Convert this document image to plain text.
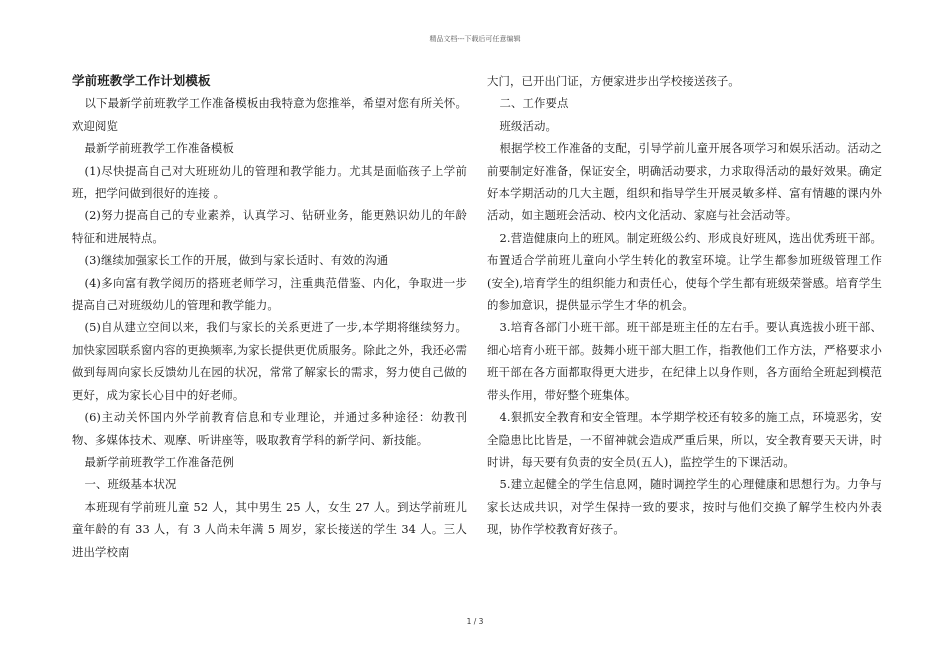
精品文档---下载后可任意编辑

学前班教学工作计划模板

以下最新学前班教学工作准备模板由我特意为您推举，希望对您有所关怀。欢迎阅览

最新学前班教学工作准备模板

(1)尽快提高自己对大班班幼儿的管理和教学能力。尤其是面临孩子上学前班，把学问做到很好的连接 。

(2)努力提高自己的专业素养，认真学习、钻研业务，能更熟识幼儿的年龄特征和进展特点。

(3)继续加强家长工作的开展，做到与家长适时、有效的沟通

(4)多向富有教学阅历的搭班老师学习，注重典范借鉴、内化，争取进一步提高自己对班级幼儿的管理和教学能力。

(5)自从建立空间以来，我们与家长的关系更进了一步,本学期将继续努力。加快家园联系窗内容的更换频率,为家长提供更优质服务。除此之外，我还必需做到每周向家长反馈幼儿在园的状况，常常了解家长的需求，努力使自己做的更好，成为家长心目中的好老师。

(6)主动关怀国内外学前教育信息和专业理论，并通过多种途径：幼教刊物、多媒体技术、观摩、听讲座等，吸取教育学科的新学问、新技能。

最新学前班教学工作准备范例

一、班级基本状况

本班现有学前班儿童 52 人，其中男生 25 人，女生 27 人。到达学前班儿童年龄的有 33 人，有 3 人尚未年满 5 周岁，家长接送的学生 34 人。三人进出学校南

大门，已开出门证，方便家进步出学校接送孩子。

二、工作要点

班级活动。

根据学校工作准备的支配，引导学前儿童开展各项学习和娱乐活动。活动之前要制定好准备，保证安全，明确活动要求，力求取得活动的最好效果。确定好本学期活动的几大主题，组织和指导学生开展灵敏多样、富有情趣的课内外活动，如主题班会活动、校内文化活动、家庭与社会活动等。

2.营造健康向上的班风。制定班级公约、形成良好班风，选出优秀班干部。布置适合学前班儿童向小学生转化的教室环境。让学生都参加班级管理工作(安全),培育学生的组织能力和责任心，使每个学生都有班级荣誉感。培育学生的参加意识，提供显示学生才华的机会。

3.培育各部门小班干部。班干部是班主任的左右手。要认真选拔小班干部、细心培育小班干部。鼓舞小班干部大胆工作，指教他们工作方法，严格要求小班干部在各方面都取得更大进步，在纪律上以身作则，各方面给全班起到模范带头作用，带好整个班集体。

4.狠抓安全教育和安全管理。本学期学校还有较多的施工点，环境恶劣，安全隐患比比皆是，一不留神就会造成严重后果，所以，安全教育要天天讲，时时讲，每天要有负责的安全员(五人)，监控学生的下课活动。

5.建立起健全的学生信息网，随时调控学生的心理健康和思想行为。力争与家长达成共识，对学生保持一致的要求，按时与他们交换了解学生校内外表现，协作学校教育好孩子。

1 / 3
